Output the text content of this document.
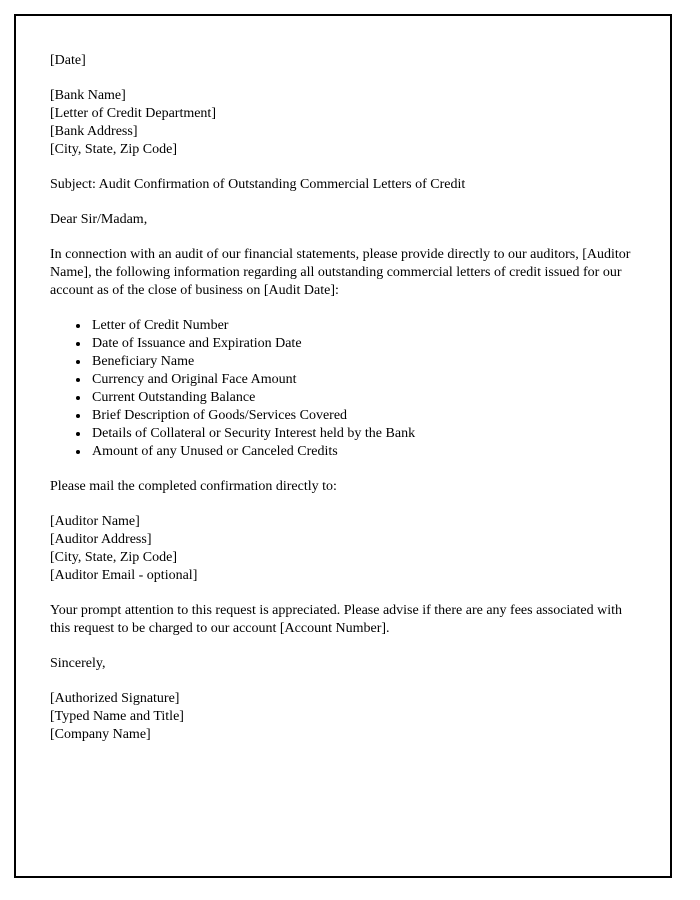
[Date]

[Bank Name]
[Letter of Credit Department]
[Bank Address]
[City, State, Zip Code]

Subject: Audit Confirmation of Outstanding Commercial Letters of Credit

Dear Sir/Madam,

In connection with an audit of our financial statements, please provide directly to our auditors, [Auditor Name], the following information regarding all outstanding commercial letters of credit issued for our account as of the close of business on [Audit Date]:

• Letter of Credit Number
• Date of Issuance and Expiration Date
• Beneficiary Name
• Currency and Original Face Amount
• Current Outstanding Balance
• Brief Description of Goods/Services Covered
• Details of Collateral or Security Interest held by the Bank
• Amount of any Unused or Canceled Credits

Please mail the completed confirmation directly to:

[Auditor Name]
[Auditor Address]
[City, State, Zip Code]
[Auditor Email - optional]

Your prompt attention to this request is appreciated. Please advise if there are any fees associated with this request to be charged to our account [Account Number].

Sincerely,

[Authorized Signature]
[Typed Name and Title]
[Company Name]
